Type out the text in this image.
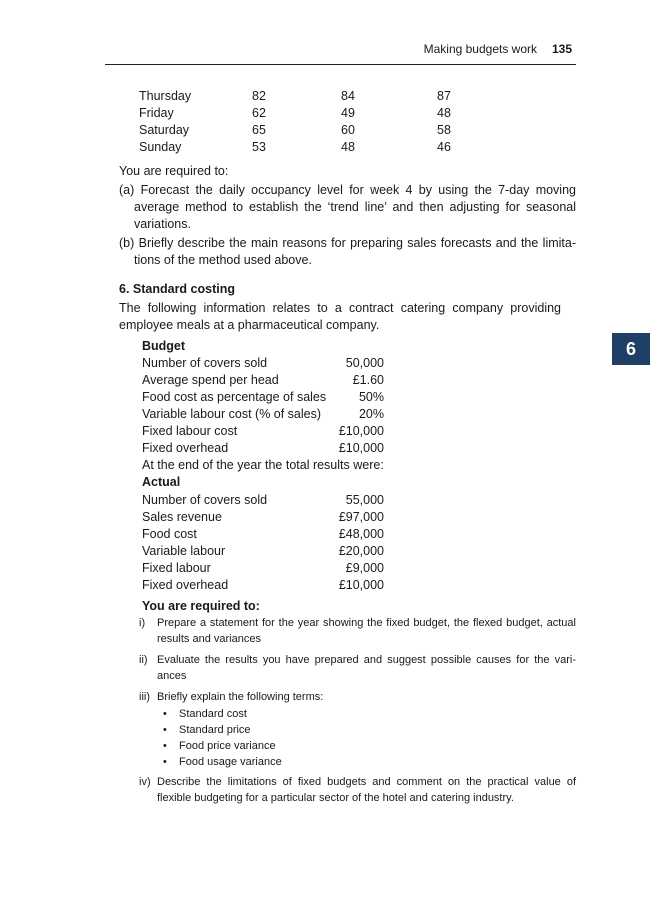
Making budgets work 135
Thursday	82	84	87
Friday	62	49	48
Saturday	65	60	58
Sunday	53	48	46
You are required to:
(a) Forecast the daily occupancy level for week 4 by using the 7-day moving average method to establish the ‘trend line’ and then adjusting for seasonal variations.
(b) Briefly describe the main reasons for preparing sales forecasts and the limita-tions of the method used above.
6. Standard costing
The following information relates to a contract catering company providing employee meals at a pharmaceutical company.
6
Budget
Number of covers sold	50,000
Average spend per head	£1.60
Food cost as percentage of sales	50%
Variable labour cost (% of sales)	20%
Fixed labour cost	£10,000
Fixed overhead	£10,000
At the end of the year the total results were:
Actual
Number of covers sold	55,000
Sales revenue	£97,000
Food cost	£48,000
Variable labour	£20,000
Fixed labour	£9,000
Fixed overhead	£10,000
You are required to:
i) Prepare a statement for the year showing the fixed budget, the flexed budget, actual results and variances
ii) Evaluate the results you have prepared and suggest possible causes for the vari-ances
iii) Briefly explain the following terms:
• Standard cost
• Standard price
• Food price variance
• Food usage variance
iv) Describe the limitations of fixed budgets and comment on the practical value of flexible budgeting for a particular sector of the hotel and catering industry.
